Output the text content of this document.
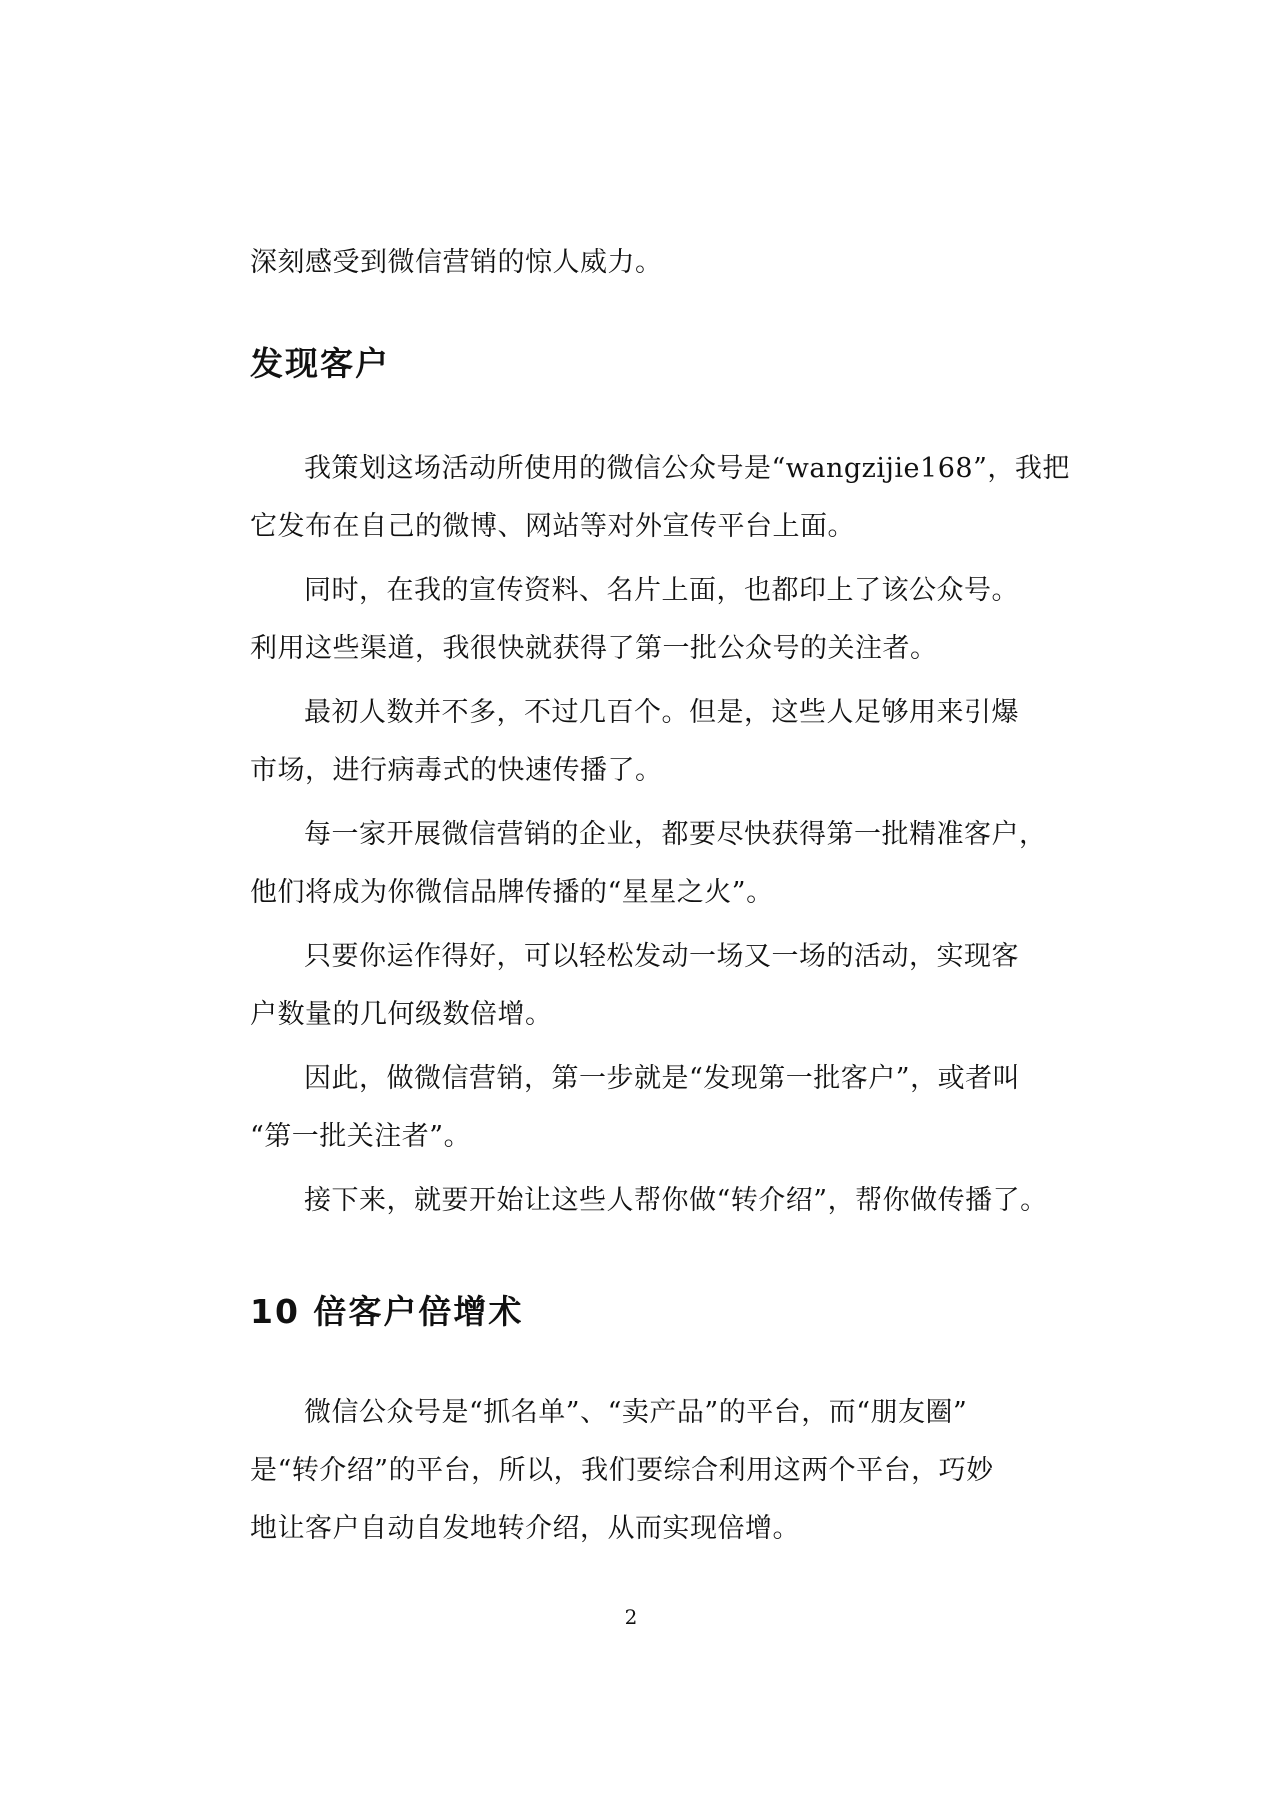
深刻感受到微信营销的惊人威力。
发现客户
我策划这场活动所使用的微信公众号是“wangzijie168”，我把
它发布在自己的微博、网站等对外宣传平台上面。
同时，在我的宣传资料、名片上面，也都印上了该公众号。
利用这些渠道，我很快就获得了第一批公众号的关注者。
最初人数并不多，不过几百个。但是，这些人足够用来引爆
市场，进行病毒式的快速传播了。
每一家开展微信营销的企业，都要尽快获得第一批精准客户，
他们将成为你微信品牌传播的“星星之火”。
只要你运作得好，可以轻松发动一场又一场的活动，实现客
户数量的几何级数倍增。
因此，做微信营销，第一步就是“发现第一批客户”，或者叫
“第一批关注者”。
接下来，就要开始让这些人帮你做“转介绍”，帮你做传播了。
10 倍客户倍增术
微信公众号是“抓名单”、“卖产品”的平台，而“朋友圈”
是“转介绍”的平台，所以，我们要综合利用这两个平台，巧妙
地让客户自动自发地转介绍，从而实现倍增。
2
